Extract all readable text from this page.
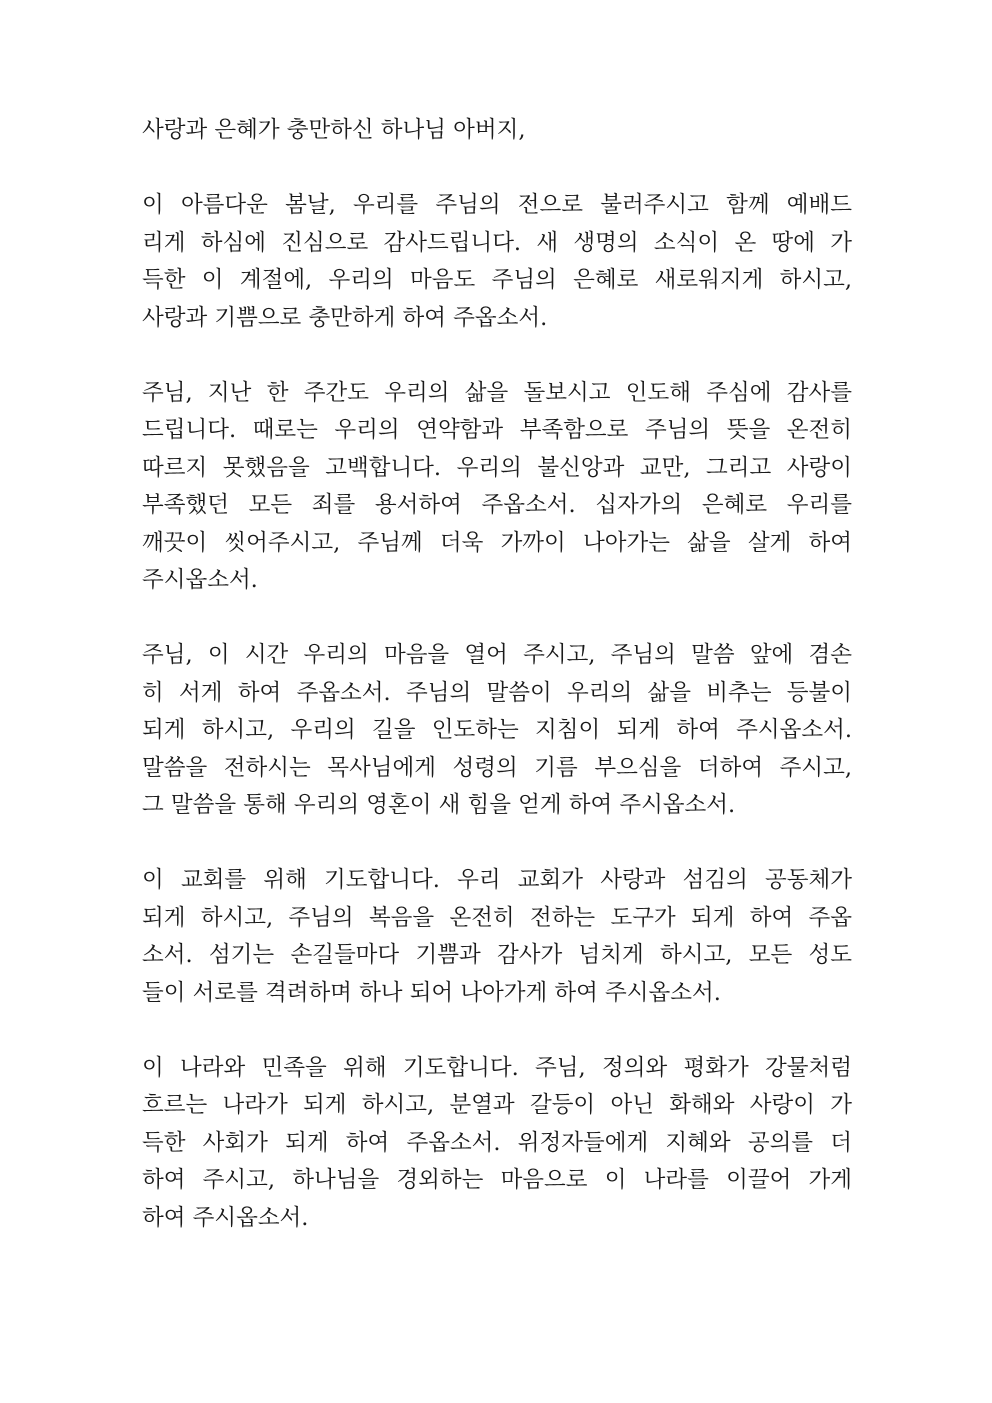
사랑과 은혜가 충만하신 하나님 아버지,
이 아름다운 봄날, 우리를 주님의 전으로 불러주시고 함께 예배드
리게 하심에 진심으로 감사드립니다. 새 생명의 소식이 온 땅에 가
득한 이 계절에, 우리의 마음도 주님의 은혜로 새로워지게 하시고,
사랑과 기쁨으로 충만하게 하여 주옵소서.
주님, 지난 한 주간도 우리의 삶을 돌보시고 인도해 주심에 감사를
드립니다. 때로는 우리의 연약함과 부족함으로 주님의 뜻을 온전히
따르지 못했음을 고백합니다. 우리의 불신앙과 교만, 그리고 사랑이
부족했던 모든 죄를 용서하여 주옵소서. 십자가의 은혜로 우리를
깨끗이 씻어주시고, 주님께 더욱 가까이 나아가는 삶을 살게 하여
주시옵소서.
주님, 이 시간 우리의 마음을 열어 주시고, 주님의 말씀 앞에 겸손
히 서게 하여 주옵소서. 주님의 말씀이 우리의 삶을 비추는 등불이
되게 하시고, 우리의 길을 인도하는 지침이 되게 하여 주시옵소서.
말씀을 전하시는 목사님에게 성령의 기름 부으심을 더하여 주시고,
그 말씀을 통해 우리의 영혼이 새 힘을 얻게 하여 주시옵소서.
이 교회를 위해 기도합니다. 우리 교회가 사랑과 섬김의 공동체가
되게 하시고, 주님의 복음을 온전히 전하는 도구가 되게 하여 주옵
소서. 섬기는 손길들마다 기쁨과 감사가 넘치게 하시고, 모든 성도
들이 서로를 격려하며 하나 되어 나아가게 하여 주시옵소서.
이 나라와 민족을 위해 기도합니다. 주님, 정의와 평화가 강물처럼
흐르는 나라가 되게 하시고, 분열과 갈등이 아닌 화해와 사랑이 가
득한 사회가 되게 하여 주옵소서. 위정자들에게 지혜와 공의를 더
하여 주시고, 하나님을 경외하는 마음으로 이 나라를 이끌어 가게
하여 주시옵소서.
